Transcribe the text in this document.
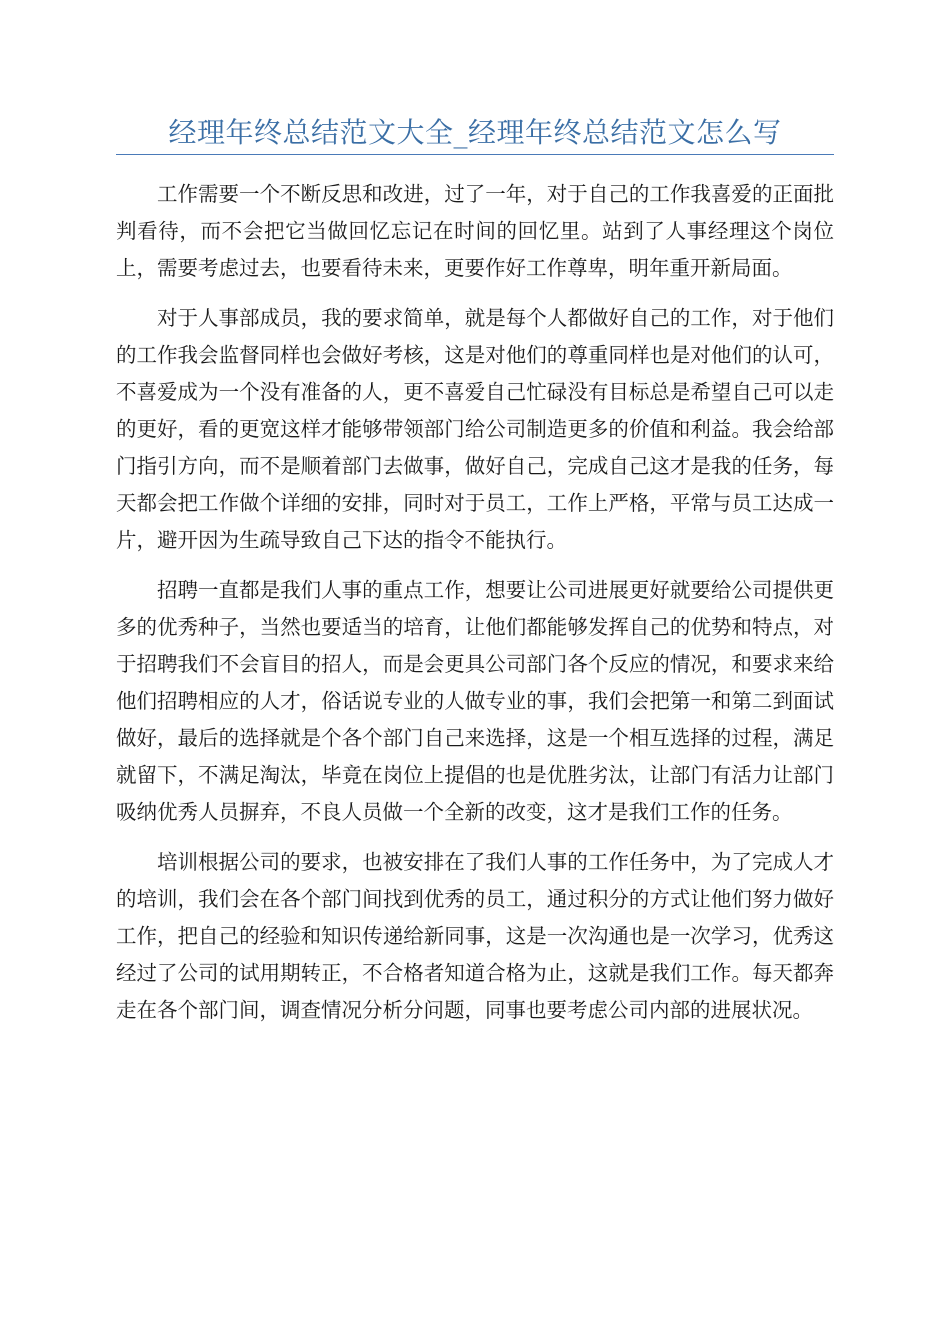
经理年终总结范文大全_经理年终总结范文怎么写

工作需要一个不断反思和改进，过了一年，对于自己的工作我喜爱的正面批判看待，而不会把它当做回忆忘记在时间的回忆里。站到了人事经理这个岗位上，需要考虑过去，也要看待未来，更要作好工作尊卑，明年重开新局面。

对于人事部成员，我的要求简单，就是每个人都做好自己的工作，对于他们的工作我会监督同样也会做好考核，这是对他们的尊重同样也是对他们的认可，不喜爱成为一个没有准备的人，更不喜爱自己忙碌没有目标总是希望自己可以走的更好，看的更宽这样才能够带领部门给公司制造更多的价值和利益。我会给部门指引方向，而不是顺着部门去做事，做好自己，完成自己这才是我的任务，每天都会把工作做个详细的安排，同时对于员工，工作上严格，平常与员工达成一片，避开因为生疏导致自己下达的指令不能执行。

招聘一直都是我们人事的重点工作，想要让公司进展更好就要给公司提供更多的优秀种子，当然也要适当的培育，让他们都能够发挥自己的优势和特点，对于招聘我们不会盲目的招人，而是会更具公司部门各个反应的情况，和要求来给他们招聘相应的人才，俗话说专业的人做专业的事，我们会把第一和第二到面试做好，最后的选择就是个各个部门自己来选择，这是一个相互选择的过程，满足就留下，不满足淘汰，毕竟在岗位上提倡的也是优胜劣汰，让部门有活力让部门吸纳优秀人员摒弃，不良人员做一个全新的改变，这才是我们工作的任务。

培训根据公司的要求，也被安排在了我们人事的工作任务中，为了完成人才的培训，我们会在各个部门间找到优秀的员工，通过积分的方式让他们努力做好工作，把自己的经验和知识传递给新同事，这是一次沟通也是一次学习，优秀这经过了公司的试用期转正，不合格者知道合格为止，这就是我们工作。每天都奔走在各个部门间，调查情况分析分问题，同事也要考虑公司内部的进展状况。
